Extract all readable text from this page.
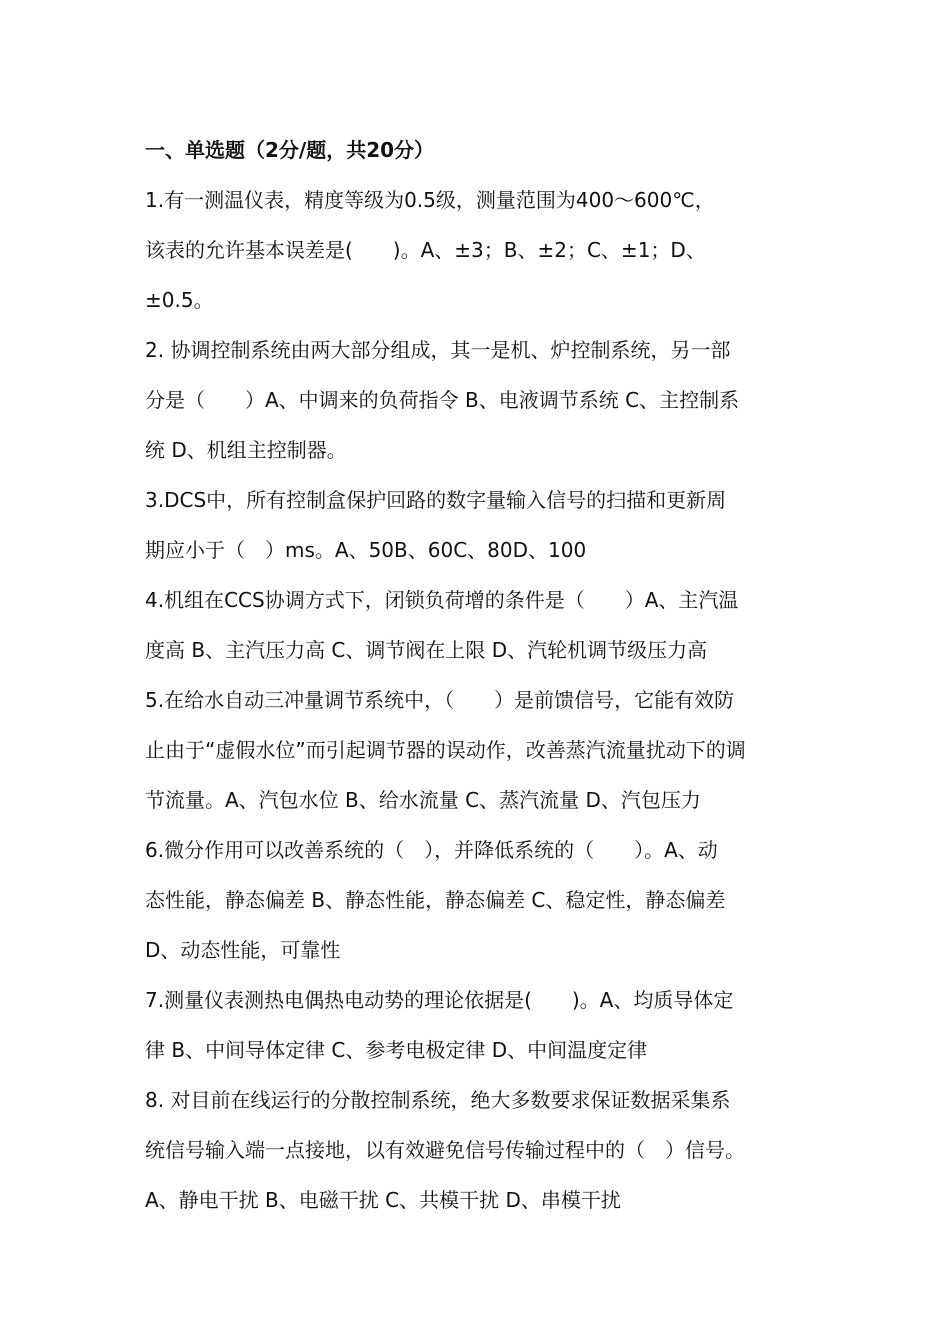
一、单选题（2分/题，共20分）
1.有一测温仪表，精度等级为0.5级，测量范围为400～600℃，
该表的允许基本误差是(　　)。A、±3；B、±2；C、±1；D、
±0.5。
2. 协调控制系统由两大部分组成，其一是机、炉控制系统，另一部
分是（　　）A、中调来的负荷指令 B、电液调节系统 C、主控制系
统 D、机组主控制器。
3.DCS中，所有控制盒保护回路的数字量输入信号的扫描和更新周
期应小于（　）ms。A、50B、60C、80D、100
4.机组在CCS协调方式下，闭锁负荷增的条件是（　　）A、主汽温
度高 B、主汽压力高 C、调节阀在上限 D、汽轮机调节级压力高
5.在给水自动三冲量调节系统中，（　　）是前馈信号，它能有效防
止由于“虚假水位”而引起调节器的误动作，改善蒸汽流量扰动下的调
节流量。A、汽包水位 B、给水流量 C、蒸汽流量 D、汽包压力
6.微分作用可以改善系统的（　），并降低系统的（　　）。A、动
态性能，静态偏差 B、静态性能，静态偏差 C、稳定性，静态偏差
D、动态性能，可靠性
7.测量仪表测热电偶热电动势的理论依据是(　　)。A、均质导体定
律 B、中间导体定律 C、参考电极定律 D、中间温度定律
8. 对目前在线运行的分散控制系统，绝大多数要求保证数据采集系
统信号输入端一点接地，以有效避免信号传输过程中的（　）信号。
A、静电干扰 B、电磁干扰 C、共模干扰 D、串模干扰
